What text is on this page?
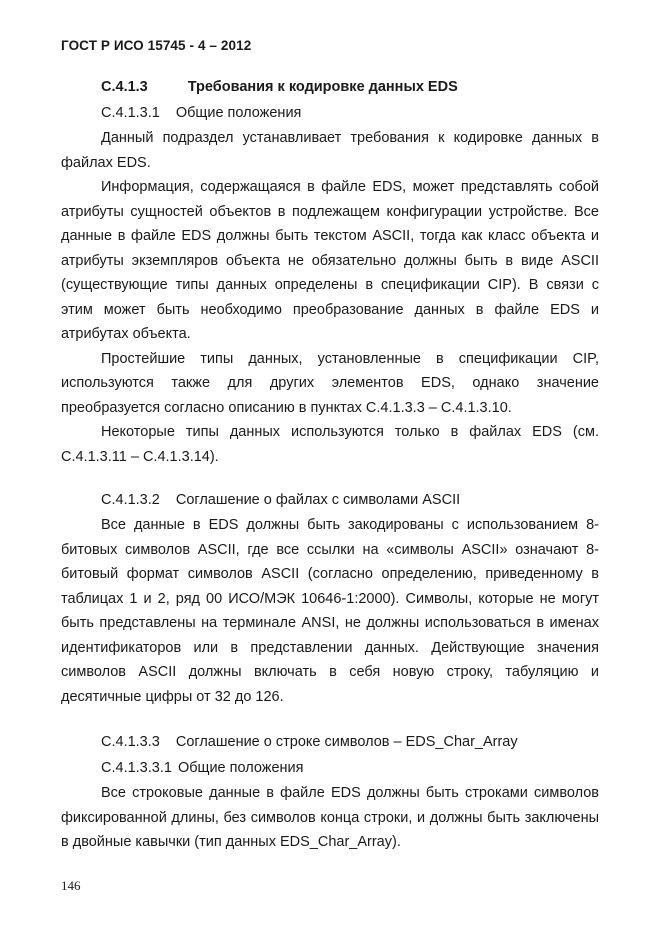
ГОСТ Р ИСО 15745 - 4 – 2012

C.4.1.3	Требования к кодировке данных EDS

C.4.1.3.1 Общие положения

Данный подраздел устанавливает требования к кодировке данных в файлах EDS.

Информация, содержащаяся в файле EDS, может представлять собой атрибуты сущностей объектов в подлежащем конфигурации устройстве. Все данные в файле EDS должны быть текстом ASCII, тогда как класс объекта и атрибуты экземпляров объекта не обязательно должны быть в виде ASCII (существующие типы данных определены в спецификации CIP). В связи с этим может быть необходимо преобразование данных в файле EDS и атрибутах объекта.

Простейшие типы данных, установленные в спецификации CIP, используются также для других элементов EDS, однако значение преобразуется согласно описанию в пунктах C.4.1.3.3 – C.4.1.3.10.

Некоторые типы данных используются только в файлах EDS (см. C.4.1.3.11 – C.4.1.3.14).

C.4.1.3.2 Соглашение о файлах с символами ASCII

Все данные в EDS должны быть закодированы с использованием 8-битовых символов ASCII, где все ссылки на «символы ASCII» означают 8-битовый формат символов ASCII (согласно определению, приведенному в таблицах 1 и 2, ряд 00 ИСО/МЭК 10646-1:2000). Символы, которые не могут быть представлены на терминале ANSI, не должны использоваться в именах идентификаторов или в представлении данных. Действующие значения символов ASCII должны включать в себя новую строку, табуляцию и десятичные цифры от 32 до 126.

C.4.1.3.3 Соглашение о строке символов – EDS_Char_Array

C.4.1.3.3.1 Общие положения

Все строковые данные в файле EDS должны быть строками символов фиксированной длины, без символов конца строки, и должны быть заключены в двойные кавычки (тип данных EDS_Char_Array).

146
